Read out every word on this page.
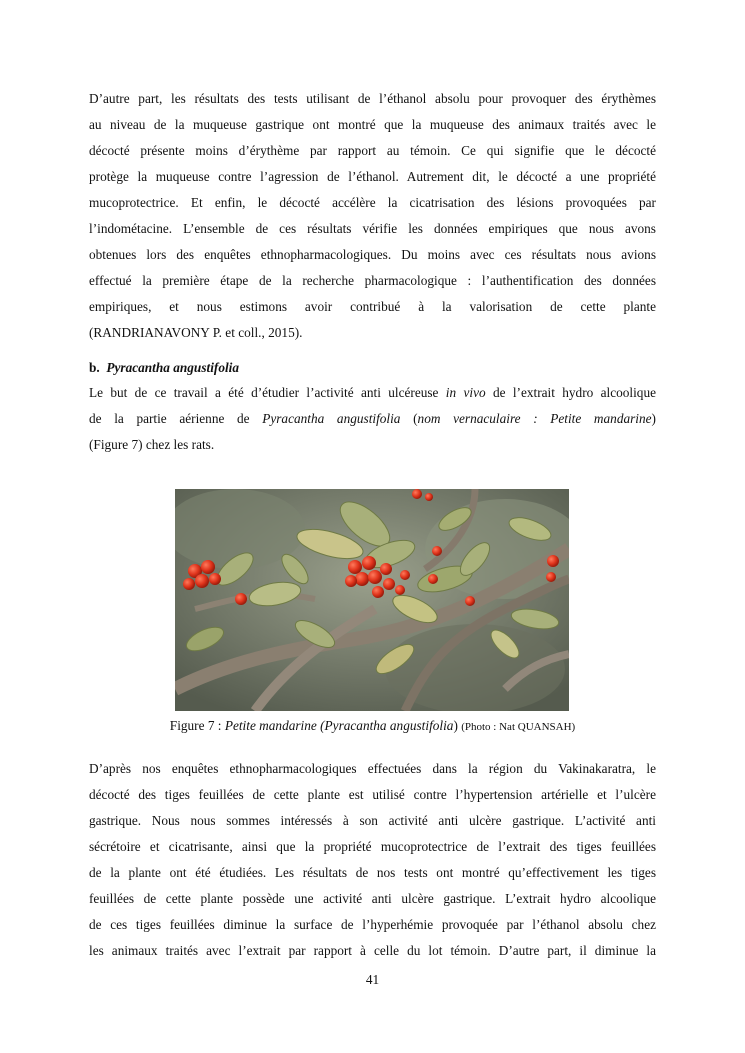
D’autre part, les résultats des tests utilisant de l’éthanol absolu pour provoquer des érythèmes
au niveau de la muqueuse gastrique ont montré que la muqueuse des animaux traités avec le
décocté présente moins d’érythème par rapport au témoin. Ce qui signifie que le décocté
protège la muqueuse contre l’agression de l’éthanol. Autrement dit, le décocté a une propriété
mucoprotectrice. Et enfin, le décocté accélère la cicatrisation des lésions provoquées par
l’indométacine. L’ensemble de ces résultats vérifie les données empiriques que nous avons
obtenues lors des enquêtes ethnopharmacologiques. Du moins avec ces résultats nous avions
effectué la première étape de la recherche pharmacologique : l’authentification des données
empiriques, et nous estimons avoir contribué à la valorisation de cette plante
(RANDRIANAVONY P. et coll., 2015).

b. Pyracantha angustifolia

Le but de ce travail a été d’étudier l’activité anti ulcéreuse in vivo de l’extrait hydro alcoolique
de la partie aérienne de Pyracantha angustifolia (nom vernaculaire : Petite mandarine)
(Figure 7) chez les rats.
Figure 7 : Petite mandarine (Pyracantha angustifolia) (Photo : Nat QUANSAH)
D’après nos enquêtes ethnopharmacologiques effectuées dans la région du Vakinakaratra, le
décocté des tiges feuillées de cette plante est utilisé contre l’hypertension artérielle et l’ulcère
gastrique. Nous nous sommes intéressés à son activité anti ulcère gastrique. L’activité anti
sécrétoire et cicatrisante, ainsi que la propriété mucoprotectrice de l’extrait des tiges feuillées
de la plante ont été étudiées. Les résultats de nos tests ont montré qu’effectivement les tiges
feuillées de cette plante possède une activité anti ulcère gastrique. L’extrait hydro alcoolique
de ces tiges feuillées diminue la surface de l’hyperhémie provoquée par l’éthanol absolu chez
les animaux traités avec l’extrait par rapport à celle du lot témoin. D’autre part, il diminue la
41
